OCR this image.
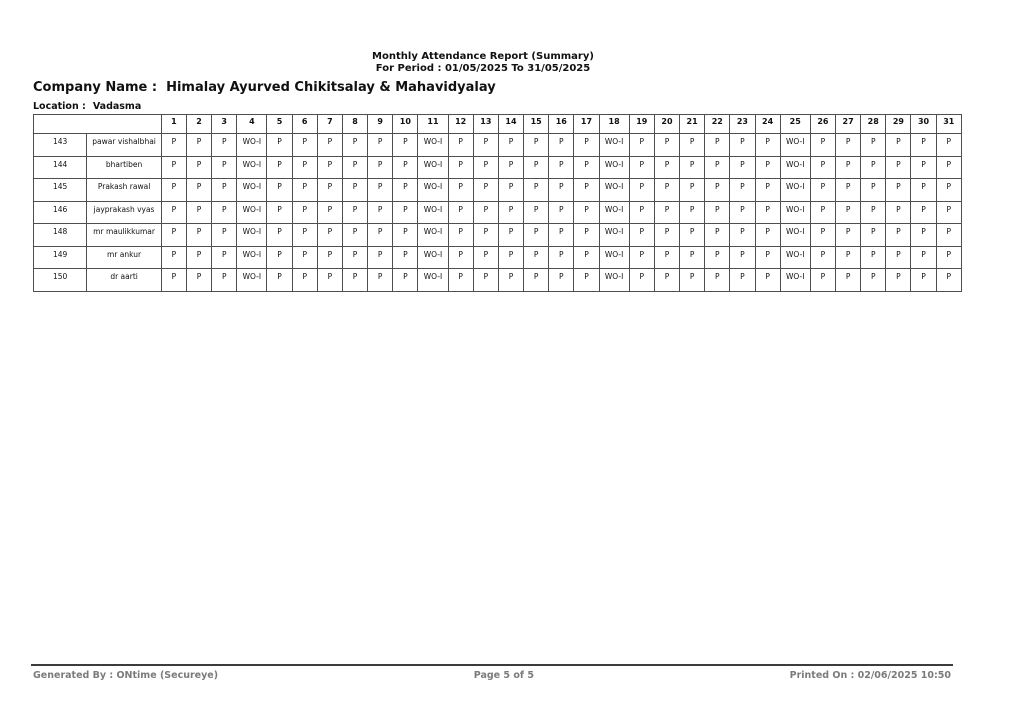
Monthly Attendance Report (Summary)
For Period : 01/05/2025 To 31/05/2025
Company Name : Himalay Ayurved Chikitsalay & Mahavidyalay
Location : Vadasma
		1	2	3	4	5	6	7	8	9	10	11	12	13	14	15	16	17	18	19	20	21	22	23	24	25	26	27	28	29	30	31
143	pawar vishalbhai	P	P	P	WO-I	P	P	P	P	P	P	WO-I	P	P	P	P	P	P	WO-I	P	P	P	P	P	P	WO-I	P	P	P	P	P	P
144	bhartiben	P	P	P	WO-I	P	P	P	P	P	P	WO-I	P	P	P	P	P	P	WO-I	P	P	P	P	P	P	WO-I	P	P	P	P	P	P
145	Prakash rawal	P	P	P	WO-I	P	P	P	P	P	P	WO-I	P	P	P	P	P	P	WO-I	P	P	P	P	P	P	WO-I	P	P	P	P	P	P
146	jayprakash vyas	P	P	P	WO-I	P	P	P	P	P	P	WO-I	P	P	P	P	P	P	WO-I	P	P	P	P	P	P	WO-I	P	P	P	P	P	P
148	mr maulikkumar	P	P	P	WO-I	P	P	P	P	P	P	WO-I	P	P	P	P	P	P	WO-I	P	P	P	P	P	P	WO-I	P	P	P	P	P	P
149	mr ankur	P	P	P	WO-I	P	P	P	P	P	P	WO-I	P	P	P	P	P	P	WO-I	P	P	P	P	P	P	WO-I	P	P	P	P	P	P
150	dr aarti	P	P	P	WO-I	P	P	P	P	P	P	WO-I	P	P	P	P	P	P	WO-I	P	P	P	P	P	P	WO-I	P	P	P	P	P	P
Generated By : ONtime (Secureye)	Page 5 of 5	Printed On : 02/06/2025 10:50
